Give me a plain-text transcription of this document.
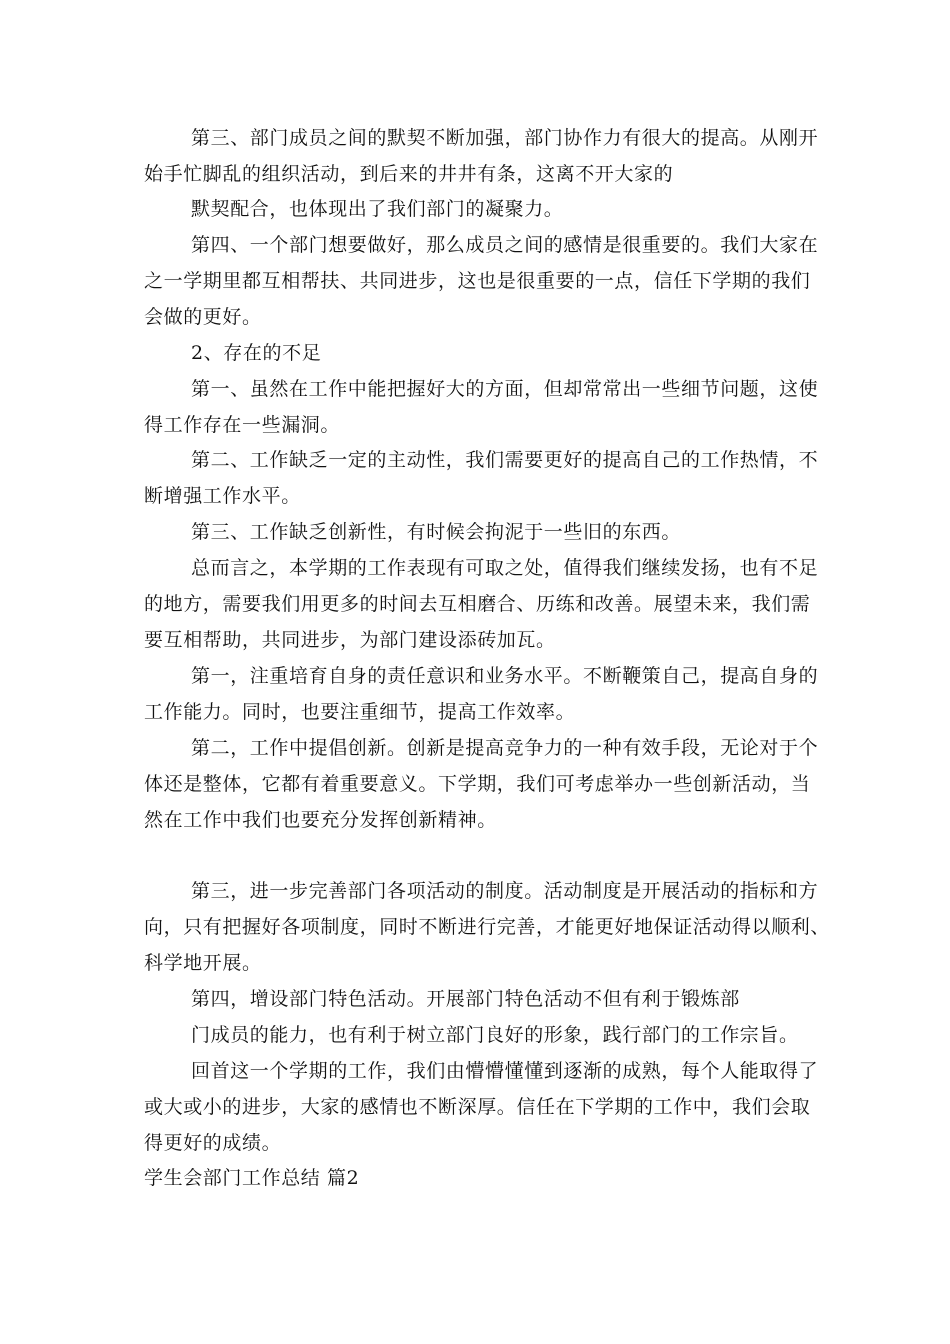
第三、部门成员之间的默契不断加强，部门协作力有很大的提高。从刚开
始手忙脚乱的组织活动，到后来的井井有条，这离不开大家的
默契配合，也体现出了我们部门的凝聚力。
第四、一个部门想要做好，那么成员之间的感情是很重要的。我们大家在
之一学期里都互相帮扶、共同进步，这也是很重要的一点，信任下学期的我们
会做的更好。
2、存在的不足
第一、虽然在工作中能把握好大的方面，但却常常出一些细节问题，这使
得工作存在一些漏洞。
第二、工作缺乏一定的主动性，我们需要更好的提高自己的工作热情，不
断增强工作水平。
第三、工作缺乏创新性，有时候会拘泥于一些旧的东西。
总而言之，本学期的工作表现有可取之处，值得我们继续发扬，也有不足
的地方，需要我们用更多的时间去互相磨合、历练和改善。展望未来，我们需
要互相帮助，共同进步，为部门建设添砖加瓦。
第一，注重培育自身的责任意识和业务水平。不断鞭策自己，提高自身的
工作能力。同时，也要注重细节，提高工作效率。
第二，工作中提倡创新。创新是提高竞争力的一种有效手段，无论对于个
体还是整体，它都有着重要意义。下学期，我们可考虑举办一些创新活动，当
然在工作中我们也要充分发挥创新精神。
第三，进一步完善部门各项活动的制度。活动制度是开展活动的指标和方
向，只有把握好各项制度，同时不断进行完善，才能更好地保证活动得以顺利、
科学地开展。
第四，增设部门特色活动。开展部门特色活动不但有利于锻炼部
门成员的能力，也有利于树立部门良好的形象，践行部门的工作宗旨。
回首这一个学期的工作，我们由懵懵懂懂到逐渐的成熟，每个人能取得了
或大或小的进步，大家的感情也不断深厚。信任在下学期的工作中，我们会取
得更好的成绩。
学生会部门工作总结 篇2
